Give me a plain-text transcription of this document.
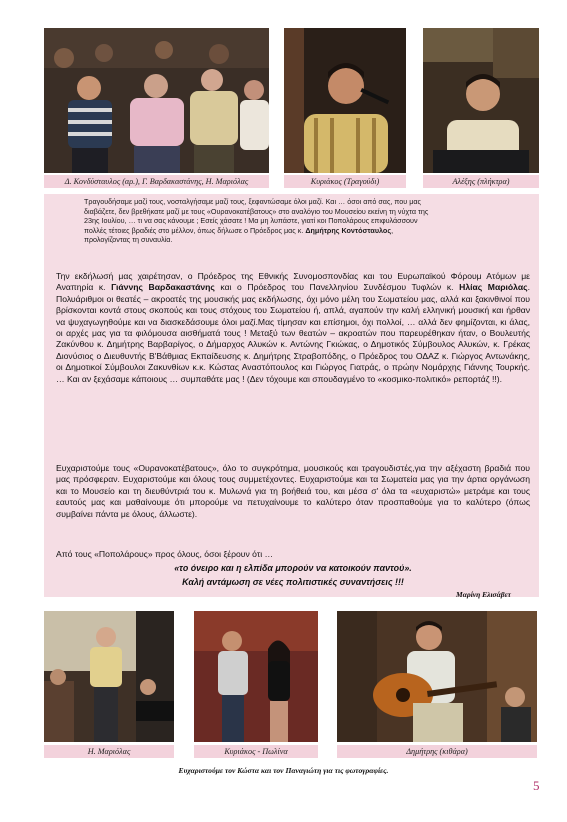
Δ. Κονδύσταυλος (αρ.), Γ. Βαρδακαστάνης, Η. Μαριόλας	Κυριάκος (Τραγούδι)	Αλέξης (πλήκτρα)

Τραγουδήσαμε μαζί τους, νοσταλγήσαμε μαζί τους, ξεφαντώσαμε όλοι μαζί. Και … όσοι από σας, που μας

διαβάζετε, δεν βρεθήκατε μαζί με τους «Ουρανοκατέβατους» στο αναλόγιο του Μουσείου εκείνη τη νύχτα της

23ης Ιουλίου, … τι να σας κάνουμε ; Εσείς χάσατε ! Μα μη λυπάστε, γιατί κοι Ποπολάρους επιφυλάσσουν

πολλές τέτοιες βραδιές στο μέλλον, όπως δήλωσε ο Πρόεδρος μας κ. Δημήτρης Κοντόσταυλος,

προλογίζοντας τη συναυλία.

Την εκδήλωσή μας χαιρέτησαν, ο Πρόεδρος της Εθνικής Συνομοσπονδίας και του Ευρωπαϊκού Φόρουμ Ατόμων με Αναπηρία κ. Γιάννης Βαρδακαστάνης και ο Πρόεδρος του Πανελληνίου Συνδέσμου Τυφλών κ. Ηλίας Μαριόλας. Πολυάριθμοι οι θεατές – ακροατές της μουσικής μας εκδήλωσης, όχι μόνο μέλη του Σωματείου μας, αλλά και ξακινθινοί που βρίσκονται κοντά στους σκοπούς και τους στόχους του Σωματείου ή, απλά, αγαπούν την καλή ελληνική μουσική και ήρθαν να ψυχαγωγηθούμε και να διασκεδάσουμε όλοι μαζί.Μας τίμησαν και επίσημοι, όχι πολλοί, … αλλά δεν φημίζονται, κι άλας, οι αρχές μας για τα φιλόμουσα αισθήματά τους ! Μεταξύ των θεατών – ακροατών που παρευρέθηκαν ήταν, ο Βουλευτής Ζακύνθου κ. Δημήτρης Βαρβαρίγος, ο Δήμαρχος Αλυκών κ. Αντώνης Γκιώκας, ο Δημοτικός Σύμβουλος Αλυκών, κ. Γρέκας Διονύσιος ο Διευθυντής Β'Βάθμιας Εκπαίδευσης κ. Δημήτρης Στραβοπόδης, ο Πρόεδρος του ΟΔΑΖ κ. Γιώργος Αντωνάκης, οι Δημοτικοί Σύμβουλοι Ζακυνθίων κ.κ. Κώστας Αναστόπουλος και Γιώργος Γιατράς, ο πρώην Νομάρχης Γιάννης Τουρκής. … Και αν ξεχάσαμε κάποιους … συμπαθάτε μας ! (Δεν τόχουμε και σπουδαγμένο το «κοσμικο-πολιτικό» ρεπορτάζ !!).

Ευχαριστούμε τους «Ουρανοκατέβατους», όλο το συγκρότημα, μουσικούς και τραγουδιστές,για την αξέχαστη βραδιά που μας πρόσφεραν. Ευχαριστούμε και όλους τους συμμετέχοντες. Ευχαριστούμε και τα Σωματεία μας για την άρτια οργάνωση και το Μουσείο και τη διευθύντριά του κ. Μυλωνά για τη βοήθειά του, και μέσα σ' όλα τα «ευχαριστώ» μετράμε και τους εαυτούς μας και μαθαίνουμε ότι μπορούμε να πετυχαίνουμε το καλύτερο όταν προσπαθούμε για το καλύτερο (όπως συμβαίνει πάντα με όλους, άλλωστε).

Από τους «Ποπολάρους» προς όλους, όσοι ξέρουν ότι …

«το όνειρο και η ελπίδα μπορούν να κατοικούν παντού».
Καλή αντάμωση σε νέες πολιτιστικές συναντήσεις !!!
Μαρίνη Ελισάβετ
Η. Μαριόλας	Κυριάκος - Πωλίνα	Δημήτρης (κιθάρα)
Ευχαριστούμε τον Κώστα και τον Παναγιώτη για τις φωτογραφίες.
5
